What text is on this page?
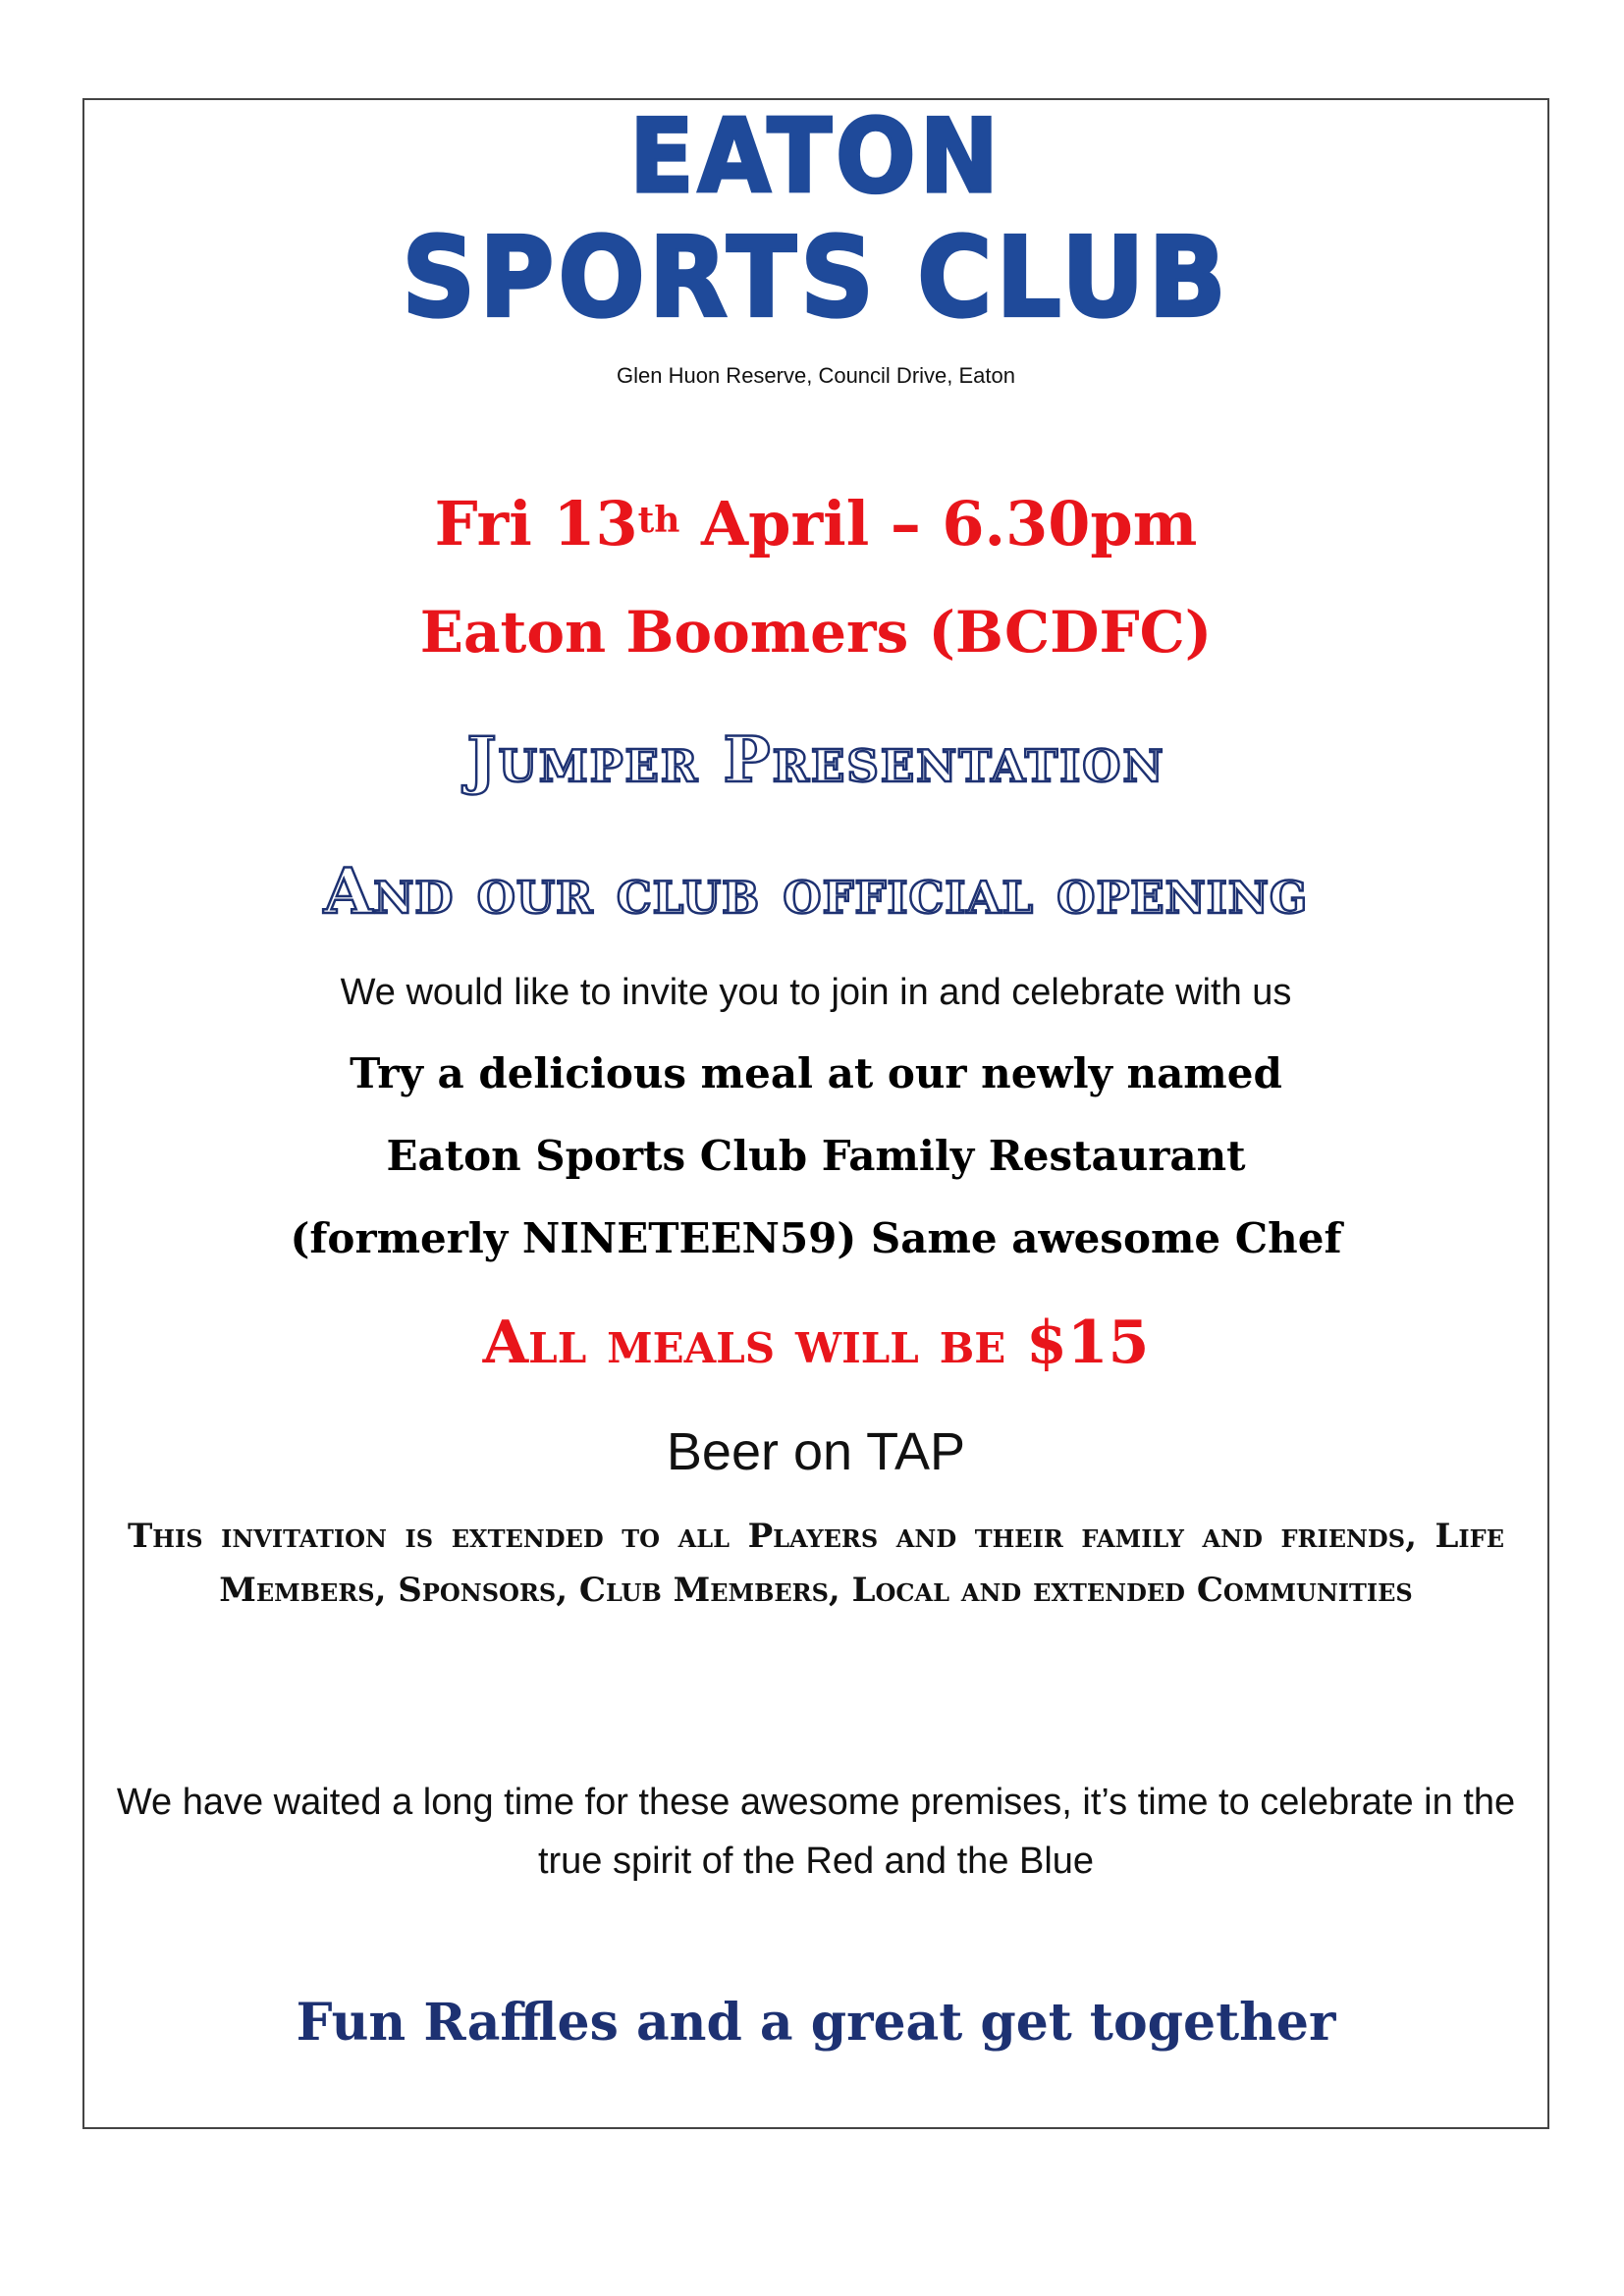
EATON
SPORTS CLUB
Glen Huon Reserve, Council Drive, Eaton
Fri 13th April – 6.30pm
Eaton Boomers (BCDFC)
Jumper Presentation
And our club official opening
We would like to invite you to join in and celebrate with us
Try a delicious meal at our newly named
Eaton Sports Club Family Restaurant
(formerly NINETEEN59) Same awesome Chef
All meals will be $15
Beer on TAP

This invitation is extended to all Players and their family and friends, Life Members, Sponsors, Club Members, Local and extended Communities

We have waited a long time for these awesome premises, it’s time to celebrate in the true spirit of the Red and the Blue

Fun Raffles and a great get together
